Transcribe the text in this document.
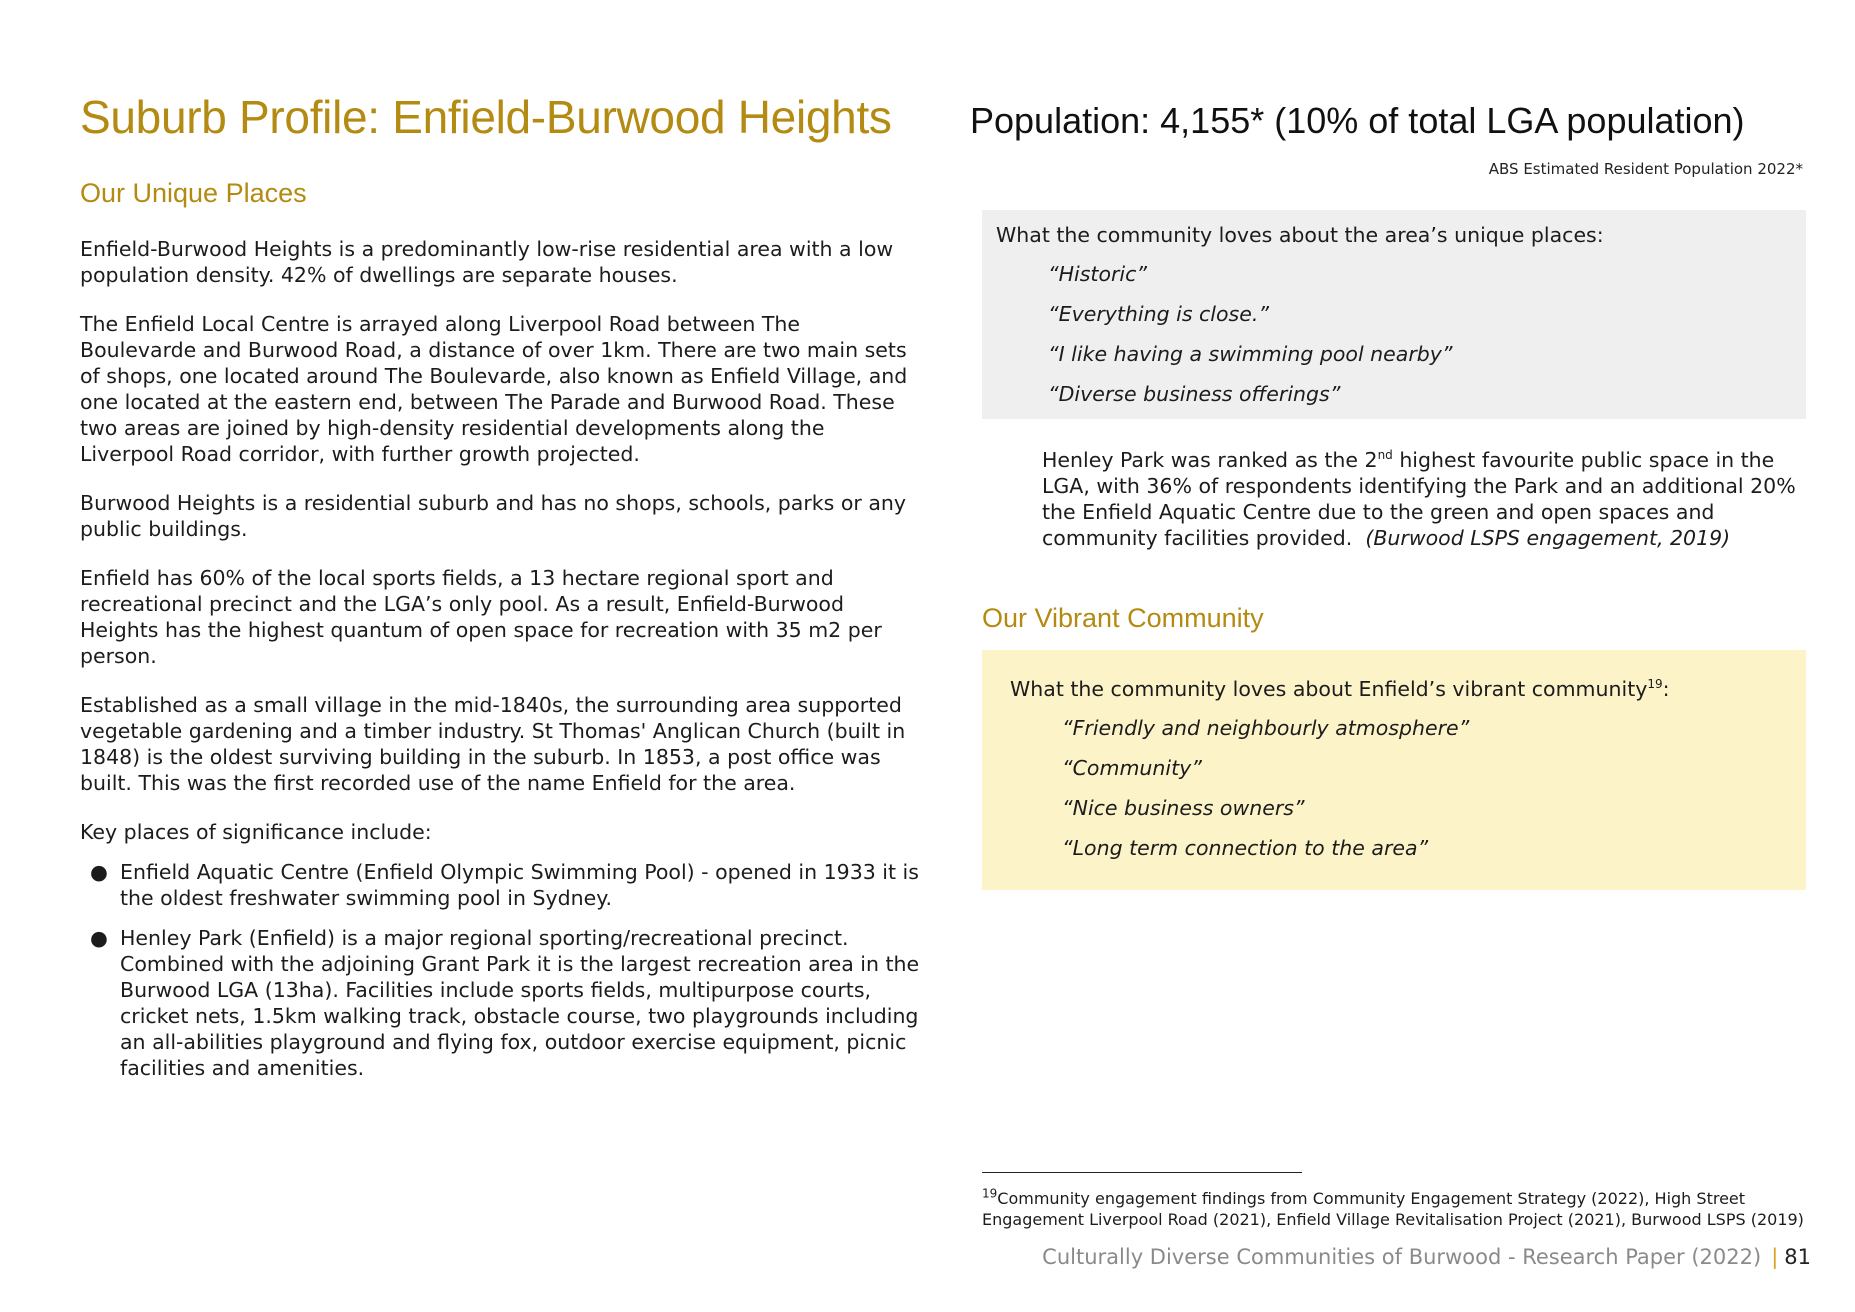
Suburb Profile: Enfield-Burwood Heights Population: 4,155* (10% of total LGA population)
ABS Estimated Resident Population 2022*
Our Unique Places

Enfield-Burwood Heights is a predominantly low-rise residential area with a low population density. 42% of dwellings are separate houses.

The Enfield Local Centre is arrayed along Liverpool Road between The Boulevarde and Burwood Road, a distance of over 1km. There are two main sets of shops, one located around The Boulevarde, also known as Enfield Village, and one located at the eastern end, between The Parade and Burwood Road. These two areas are joined by high-density residential developments along the Liverpool Road corridor, with further growth projected.

Burwood Heights is a residential suburb and has no shops, schools, parks or any public buildings.

Enfield has 60% of the local sports fields, a 13 hectare regional sport and recreational precinct and the LGA’s only pool. As a result, Enfield-Burwood Heights has the highest quantum of open space for recreation with 35 m2 per person.

Established as a small village in the mid-1840s, the surrounding area supported vegetable gardening and a timber industry. St Thomas' Anglican Church (built in 1848) is the oldest surviving building in the suburb. In 1853, a post office was built. This was the first recorded use of the name Enfield for the area.

Key places of significance include:

● Enfield Aquatic Centre (Enfield Olympic Swimming Pool) - opened in 1933 it is the oldest freshwater swimming pool in Sydney.
● Henley Park (Enfield) is a major regional sporting/recreational precinct. Combined with the adjoining Grant Park it is the largest recreation area in the Burwood LGA (13ha). Facilities include sports fields, multipurpose courts, cricket nets, 1.5km walking track, obstacle course, two playgrounds including an all-abilities playground and flying fox, outdoor exercise equipment, picnic facilities and amenities.
What the community loves about the area’s unique places:
“Historic”
“Everything is close.”
“I like having a swimming pool nearby”
“Diverse business offerings”
Henley Park was ranked as the 2nd highest favourite public space in the LGA, with 36% of respondents identifying the Park and an additional 20% the Enfield Aquatic Centre due to the green and open spaces and community facilities provided. (Burwood LSPS engagement, 2019)
Our Vibrant Community
What the community loves about Enfield’s vibrant community$^{19}$:
“Friendly and neighbourly atmosphere”
“Community”
“Nice business owners”
“Long term connection to the area”
$^{19}$Community engagement findings from Community Engagement Strategy (2022), High Street Engagement Liverpool Road (2021), Enfield Village Revitalisation Project (2021), Burwood LSPS (2019)
Culturally Diverse Communities of Burwood - Research Paper (2022) | 81
